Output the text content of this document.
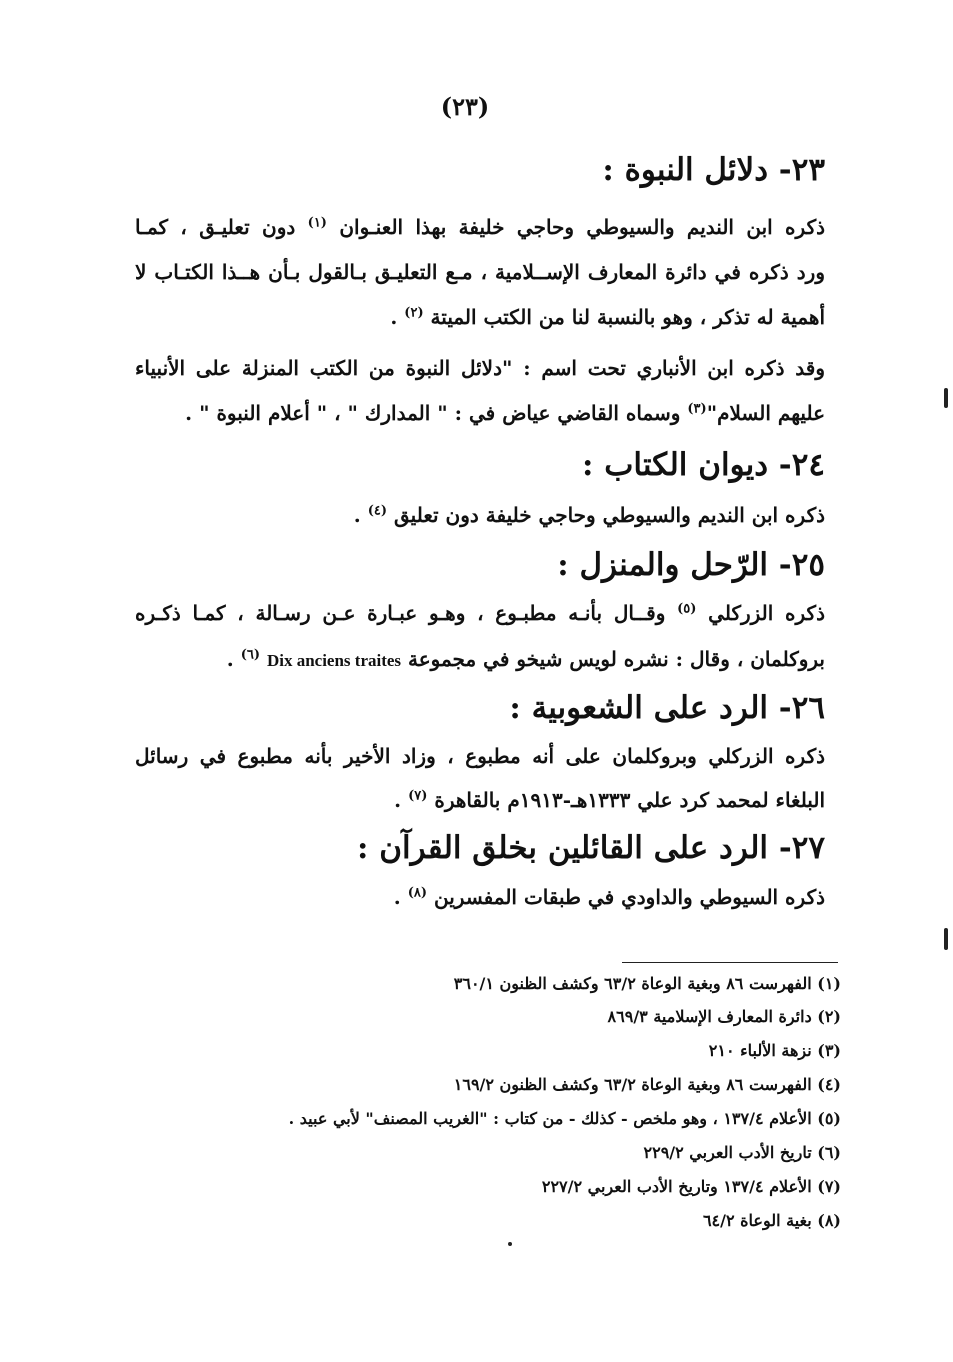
(٢٣)
٢٣- دلائل النبوة :
ذكره ابن النديم والسيوطي وحاجي خليفة بهذا العنـوان $^{(١)}$ دون تعليـق ، كمـا
ورد ذكره في دائرة المعارف الإســلامية ، مـع التعليـق بـالقول بـأن هــذا الكتـاب لا
أهمية له تذكر ، وهو بالنسبة لنا من الكتب الميتة $^{(٢)}$ .
وقد ذكره ابن الأنباري تحت اسم : "دلائل النبوة من الكتب المنزلة على الأنبياء
عليهم السلام"$^{(٣)}$ وسماه القاضي عياض في : " المدارك " ، " أعلام النبوة " .
٢٤- ديوان الكتاب :
ذكره ابن النديم والسيوطي وحاجي خليفة دون تعليق $^{(٤)}$ .
٢٥- الرّحل والمنزل :
ذكره الزركلي $^{(٥)}$ وقــال بأنـه مطبـوع ، وهـو عبـارة عـن رسـالة ، كمـا ذكـره
بروكلمان ، وقال : نشره لويس شيخو في مجموعة Dix anciens traites $^{(٦)}$ .
٢٦- الرد على الشعوبية :
ذكره الزركلي وبروكلمان على أنه مطبوع ، وزاد الأخير بأنه مطبوع في رسائل
البلغاء لمحمد كرد علي ١٣٣٣هـ-١٩١٣م بالقاهرة $^{(٧)}$ .
٢٧- الرد على القائلين بخلق القرآن :
ذكره السيوطي والداودي في طبقات المفسرين $^{(٨)}$ .
(١) الفهرست ٨٦ وبغية الوعاة ٦٣/٢ وكشف الظنون ٣٦٠/١
(٢) دائرة المعارف الإسلامية ٨٦٩/٣
(٣) نزهة الألباء ٢١٠
(٤) الفهرست ٨٦ وبغية الوعاة ٦٣/٢ وكشف الظنون ١٦٩/٢
(٥) الأعلام ١٣٧/٤ ، وهو ملخص - كذلك - من كتاب : "الغريب المصنف" لأبي عبيد .
(٦) تاريخ الأدب العربي ٢٢٩/٢
(٧) الأعلام ١٣٧/٤ وتاريخ الأدب العربي ٢٢٧/٢
(٨) بغية الوعاة ٦٤/٢
